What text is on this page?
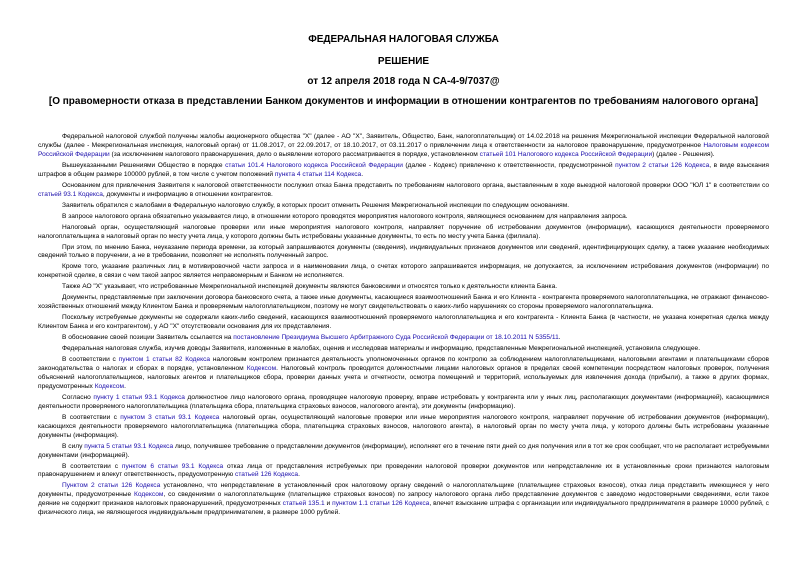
ФЕДЕРАЛЬНАЯ НАЛОГОВАЯ СЛУЖБА
РЕШЕНИЕ
от 12 апреля 2018 года N СА-4-9/7037@
[О правомерности отказа в представлении Банком документов и информации в отношении контрагентов по требованиям налогового органа]

Федеральной налоговой службой получены жалобы акционерного общества "Х" (далее - АО "Х", Заявитель, Общество, Банк, налогоплательщик) от 14.02.2018 на решения Межрегиональной инспекции Федеральной налоговой службы (далее - Межрегиональная инспекция, налоговый орган) от 11.08.2017, от 22.09.2017, от 18.10.2017, от 03.11.2017 о привлечении лица к ответственности за налоговое правонарушение, предусмотренное Налоговым кодексом Российской Федерации (за исключением налогового правонарушения, дело о выявлении которого рассматривается в порядке, установленном статьей 101 Налогового кодекса Российской Федерации) (далее - Решения).

Вышеуказанными Решениями Общество в порядке статьи 101.4 Налогового кодекса Российской Федерации (далее - Кодекс) привлечено к ответственности, предусмотренной пунктом 2 статьи 126 Кодекса, в виде взыскания штрафов в общем размере 100000 рублей, в том числе с учетом положений пункта 4 статьи 114 Кодекса.

Основанием для привлечения Заявителя к налоговой ответственности послужил отказ Банка представить по требованиям налогового органа, выставленным в ходе выездной налоговой проверки ООО "ЮЛ 1" в соответствии со статьей 93.1 Кодекса, документы и информацию в отношении контрагентов.

Заявитель обратился с жалобами в Федеральную налоговую службу, в которых просит отменить Решения Межрегиональной инспекции по следующим основаниям.

В запросе налогового органа обязательно указывается лицо, в отношении которого проводятся мероприятия налогового контроля, являющиеся основанием для направления запроса.

Налоговый орган, осуществляющий налоговые проверки или иные мероприятия налогового контроля, направляет поручение об истребовании документов (информации), касающихся деятельности проверяемого налогоплательщика в налоговый орган по месту учета лица, у которого должны быть истребованы указанные документы, то есть по месту учета Банка (филиала).

При этом, по мнению Банка, неуказание периода времени, за который запрашиваются документы (сведения), индивидуальных признаков документов или сведений, идентифицирующих сделку, а также указание необходимых сведений только в поручении, а не в требовании, позволяет не исполнять полученный запрос.

Кроме того, указание различных лиц в мотивировочной части запроса и в наименовании лица, о счетах которого запрашивается информация, не допускается, за исключением истребования документов (информации) по конкретной сделке, в связи с чем такой запрос является неправомерным и Банком не исполняется.

Также АО "Х" указывает, что истребованные Межрегиональной инспекцией документы являются банковскими и относятся только к деятельности клиента Банка.

Документы, представляемые при заключении договора банковского счета, а также иные документы, касающиеся взаимоотношений Банка и его Клиента - контрагента проверяемого налогоплательщика, не отражают финансово-хозяйственных отношений между Клиентом Банка и проверяемым налогоплательщиком, поэтому не могут свидетельствовать о каких-либо нарушениях со стороны проверяемого налогоплательщика.

Поскольку истребуемые документы не содержали каких-либо сведений, касающихся взаимоотношений проверяемого налогоплательщика и его контрагента - Клиента Банка (в частности, не указана конкретная сделка между Клиентом Банка и его контрагентом), у АО "Х" отсутствовали основания для их представления.

В обоснование своей позиции Заявитель ссылается на постановление Президиума Высшего Арбитражного Суда Российской Федерации от 18.10.2011 N 5355/11.

Федеральная налоговая служба, изучив доводы Заявителя, изложенные в жалобах, оценив и исследовав материалы и информацию, представленные Межрегиональной инспекцией, установила следующее.

В соответствии с пунктом 1 статьи 82 Кодекса налоговым контролем признается деятельность уполномоченных органов по контролю за соблюдением налогоплательщиками, налоговыми агентами и плательщиками сборов законодательства о налогах и сборах в порядке, установленном Кодексом. Налоговый контроль проводится должностными лицами налоговых органов в пределах своей компетенции посредством налоговых проверок, получения объяснений налогоплательщиков, налоговых агентов и плательщиков сбора, проверки данных учета и отчетности, осмотра помещений и территорий, используемых для извлечения дохода (прибыли), а также в других формах, предусмотренных Кодексом.

Согласно пункту 1 статьи 93.1 Кодекса должностное лицо налогового органа, проводящее налоговую проверку, вправе истребовать у контрагента или у иных лиц, располагающих документами (информацией), касающимися деятельности проверяемого налогоплательщика (плательщика сбора, плательщика страховых взносов, налогового агента), эти документы (информацию).

В соответствии с пунктом 3 статьи 93.1 Кодекса налоговый орган, осуществляющий налоговые проверки или иные мероприятия налогового контроля, направляет поручение об истребовании документов (информации), касающихся деятельности проверяемого налогоплательщика (плательщика сбора, плательщика страховых взносов, налогового агента), в налоговый орган по месту учета лица, у которого должны быть истребованы указанные документы (информация).

В силу пункта 5 статьи 93.1 Кодекса лицо, получившее требование о представлении документов (информации), исполняет его в течение пяти дней со дня получения или в тот же срок сообщает, что не располагает истребуемыми документами (информацией).

В соответствии с пунктом 6 статьи 93.1 Кодекса отказ лица от представления истребуемых при проведении налоговой проверки документов или непредставление их в установленные сроки признаются налоговым правонарушением и влекут ответственность, предусмотренную статьей 126 Кодекса.

Пунктом 2 статьи 126 Кодекса установлено, что непредставление в установленный срок налоговому органу сведений о налогоплательщике (плательщике страховых взносов), отказ лица представить имеющиеся у него документы, предусмотренные Кодексом, со сведениями о налогоплательщике (плательщике страховых взносов) по запросу налогового органа либо представление документов с заведомо недостоверными сведениями, если такое деяние не содержит признаков налоговых правонарушений, предусмотренных статьей 135.1 и пунктом 1.1 статьи 126 Кодекса, влечет взыскание штрафа с организации или индивидуального предпринимателя в размере 10000 рублей, с физического лица, не являющегося индивидуальным предпринимателем, в размере 1000 рублей.
